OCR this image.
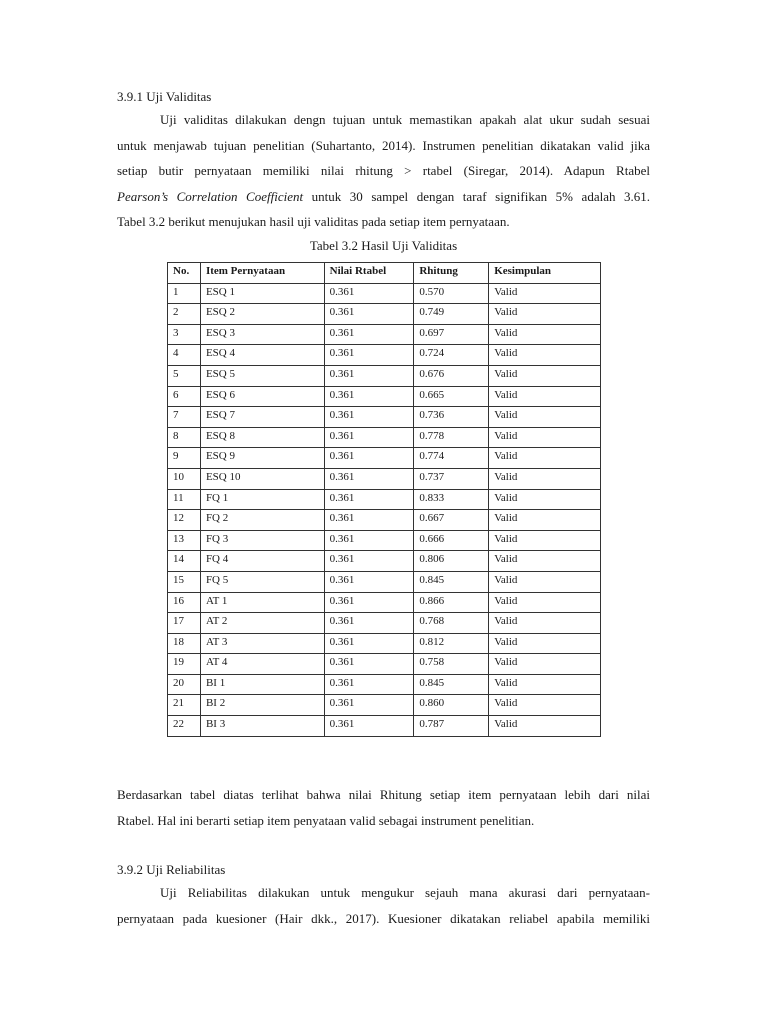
3.9.1 Uji Validitas
Uji validitas dilakukan dengn tujuan untuk memastikan apakah alat ukur sudah sesuai
untuk menjawab tujuan penelitian (Suhartanto, 2014). Instrumen penelitian dikatakan valid jika
setiap butir pernyataan memiliki nilai rhitung > rtabel (Siregar, 2014). Adapun Rtabel
Pearson’s Correlation Coefficient untuk 30 sampel dengan taraf signifikan 5% adalah 3.61.
Tabel 3.2 berikut menujukan hasil uji validitas pada setiap item pernyataan.
Tabel 3.2 Hasil Uji Validitas
No.	Item Pernyataan	Nilai Rtabel	Rhitung	Kesimpulan
1	ESQ 1	0.361	0.570	Valid
2	ESQ 2	0.361	0.749	Valid
3	ESQ 3	0.361	0.697	Valid
4	ESQ 4	0.361	0.724	Valid
5	ESQ 5	0.361	0.676	Valid
6	ESQ 6	0.361	0.665	Valid
7	ESQ 7	0.361	0.736	Valid
8	ESQ 8	0.361	0.778	Valid
9	ESQ 9	0.361	0.774	Valid
10	ESQ 10	0.361	0.737	Valid
11	FQ 1	0.361	0.833	Valid
12	FQ 2	0.361	0.667	Valid
13	FQ 3	0.361	0.666	Valid
14	FQ 4	0.361	0.806	Valid
15	FQ 5	0.361	0.845	Valid
16	AT 1	0.361	0.866	Valid
17	AT 2	0.361	0.768	Valid
18	AT 3	0.361	0.812	Valid
19	AT 4	0.361	0.758	Valid
20	BI 1	0.361	0.845	Valid
21	BI 2	0.361	0.860	Valid
22	BI 3	0.361	0.787	Valid
Berdasarkan tabel diatas terlihat bahwa nilai Rhitung setiap item pernyataan lebih dari nilai
Rtabel. Hal ini berarti setiap item penyataan valid sebagai instrument penelitian.
3.9.2 Uji Reliabilitas
Uji Reliabilitas dilakukan untuk mengukur sejauh mana akurasi dari pernyataan-
pernyataan pada kuesioner (Hair dkk., 2017). Kuesioner dikatakan reliabel apabila memiliki
